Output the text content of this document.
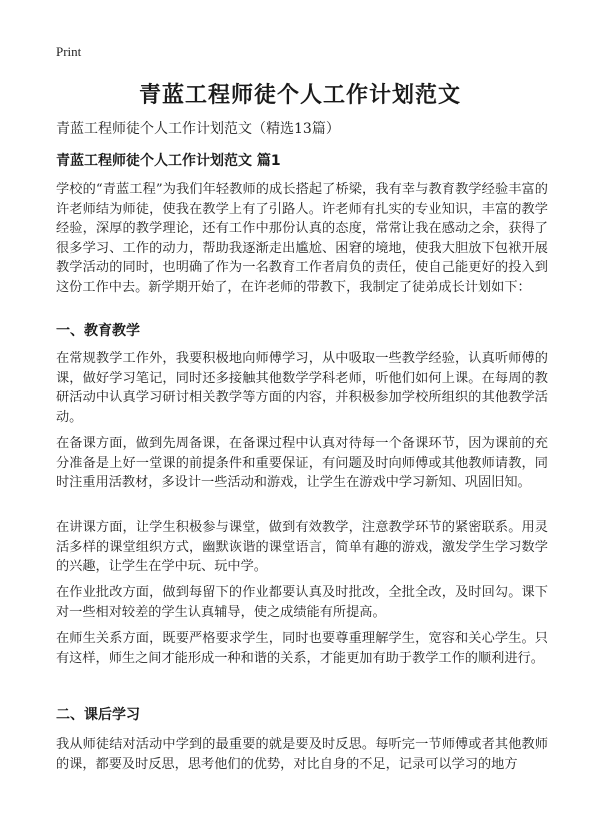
Print
青蓝工程师徒个人工作计划范文
青蓝工程师徒个人工作计划范文（精选13篇）
青蓝工程师徒个人工作计划范文 篇1
学校的“青蓝工程”为我们年轻教师的成长搭起了桥梁，我有幸与教育教学经验丰富的许老师结为师徒，使我在教学上有了引路人。许老师有扎实的专业知识，丰富的教学经验，深厚的教学理论，还有工作中那份认真的态度，常常让我在感动之余，获得了很多学习、工作的动力，帮助我逐渐走出尴尬、困窘的境地，使我大胆放下包袱开展教学活动的同时，也明确了作为一名教育工作者肩负的责任，使自己能更好的投入到这份工作中去。新学期开始了，在许老师的带教下，我制定了徒弟成长计划如下：
一、教育教学
在常规教学工作外，我要积极地向师傅学习，从中吸取一些教学经验，认真听师傅的课，做好学习笔记，同时还多接触其他数学学科老师，听他们如何上课。在每周的教研活动中认真学习研讨相关教学等方面的内容，并积极参加学校所组织的其他教学活动。
在备课方面，做到先周备课，在备课过程中认真对待每一个备课环节，因为课前的充分准备是上好一堂课的前提条件和重要保证，有问题及时向师傅或其他教师请教，同时注重用活教材，多设计一些活动和游戏，让学生在游戏中学习新知、巩固旧知。
在讲课方面，让学生积极参与课堂，做到有效教学，注意教学环节的紧密联系。用灵活多样的课堂组织方式，幽默诙谐的课堂语言，简单有趣的游戏，激发学生学习数学的兴趣，让学生在学中玩、玩中学。
在作业批改方面，做到每留下的作业都要认真及时批改，全批全改，及时回勾。课下对一些相对较差的学生认真辅导，使之成绩能有所提高。
在师生关系方面，既要严格要求学生，同时也要尊重理解学生，宽容和关心学生。只有这样，师生之间才能形成一种和谐的关系，才能更加有助于教学工作的顺利进行。
二、课后学习
我从师徒结对活动中学到的最重要的就是要及时反思。每听完一节师傅或者其他教师的课，都要及时反思，思考他们的优势，对比自身的不足，记录可以学习的地方
